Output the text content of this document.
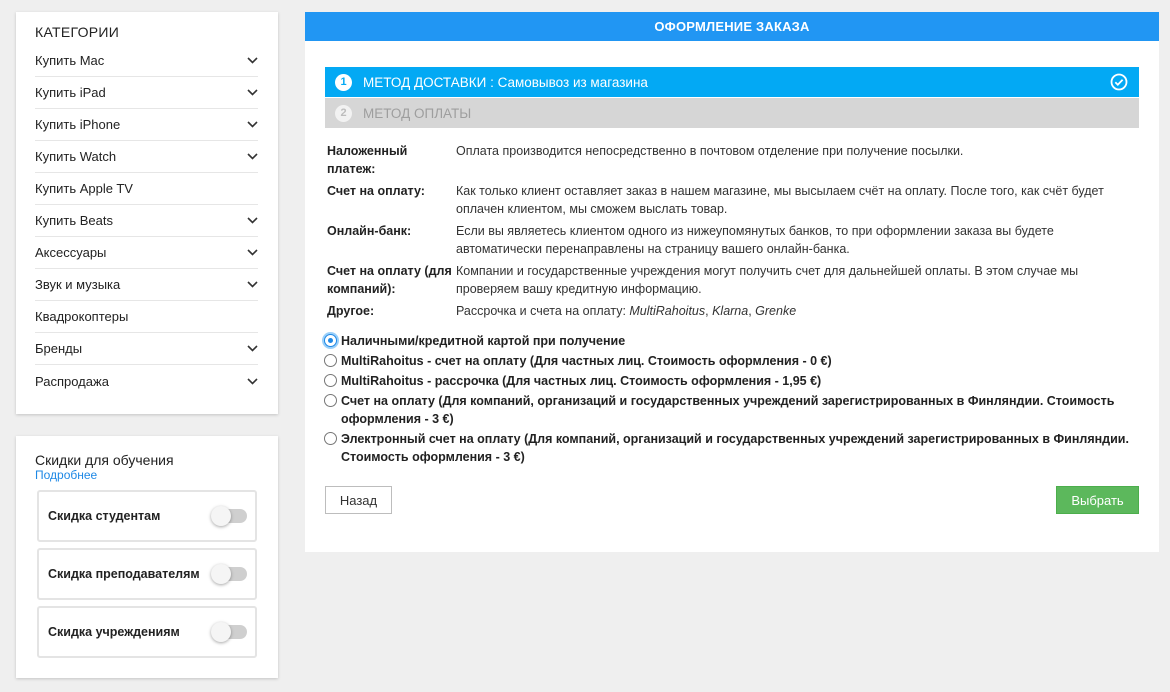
КАТЕГОРИИ
Купить Mac
Купить iPad
Купить iPhone
Купить Watch
Купить Apple TV
Купить Beats
Аксессуары
Звук и музыка
Квадрокоптеры
Бренды
Распродажа
Скидки для обучения
Подробнее
Скидка студентам
Скидка преподавателям
Скидка учреждениям
ОФОРМЛЕНИЕ ЗАКАЗА
1	МЕТОД ДОСТАВКИ : Самовывоз из магазина
2	МЕТОД ОПЛАТЫ
Наложенный платеж:
Оплата производится непосредственно в почтовом отделение при получение посылки.
Счет на оплату:	Как только клиент оставляет заказ в нашем магазине, мы высылаем счёт на оплату. После того, как счёт будет оплачен клиентом, мы сможем выслать товар.
Онлайн-банк:	Если вы являетесь клиентом одного из нижеупомянутых банков, то при оформлении заказа вы будете автоматически перенаправлены на страницу вашего онлайн-банка.
Счет на оплату (для компаний):
Компании и государственные учреждения могут получить счет для дальнейшей оплаты. В этом случае мы проверяем вашу кредитную информацию.
Другое:	Рассрочка и счета на оплату: MultiRahoitus, Klarna, Grenke
Наличными/кредитной картой при получение
MultiRahoitus - счет на оплату (Для частных лиц. Стоимость оформления - 0 €)
MultiRahoitus - рассрочка (Для частных лиц. Стоимость оформления - 1,95 €)
Счет на оплату (Для компаний, организаций и государственных учреждений зарегистрированных в Финляндии. Стоимость оформления - 3 €)
Электронный счет на оплату (Для компаний, организаций и государственных учреждений зарегистрированных в Финляндии. Стоимость оформления - 3 €)
Назад	Выбрать
